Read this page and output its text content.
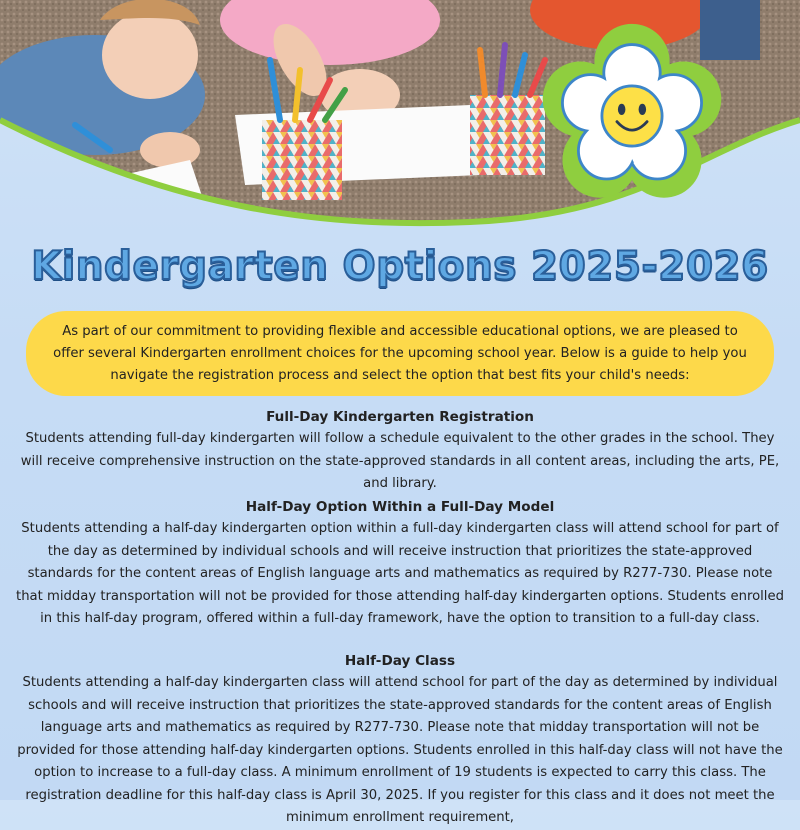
Kindergarten Options 2025-2026

As part of our commitment to providing flexible and accessible educational options, we are pleased to offer several Kindergarten enrollment choices for the upcoming school year. Below is a guide to help you navigate the registration process and select the option that best fits your child's needs:

Full-Day Kindergarten Registration

Students attending full-day kindergarten will follow a schedule equivalent to the other grades in the school. They will receive comprehensive instruction on the state-approved standards in all content areas, including the arts, PE, and library.

Half-Day Option Within a Full-Day Model

Students attending a half-day kindergarten option within a full-day kindergarten class will attend school for part of the day as determined by individual schools and will receive instruction that prioritizes the state-approved standards for the content areas of English language arts and mathematics as required by R277-730. Please note that midday transportation will not be provided for those attending half-day kindergarten options. Students enrolled in this half-day program, offered within a full-day framework, have the option to transition to a full-day class.

Half-Day Class

Students attending a half-day kindergarten class will attend school for part of the day as determined by individual schools and will receive instruction that prioritizes the state-approved standards for the content areas of English language arts and mathematics as required by R277-730. Please note that midday transportation will not be provided for those attending half-day kindergarten options. Students enrolled in this half-day class will not have the option to increase to a full-day class. A minimum enrollment of 19 students is expected to carry this class. The registration deadline for this half-day class is April 30, 2025. If you register for this class and it does not meet the minimum enrollment requirement,
